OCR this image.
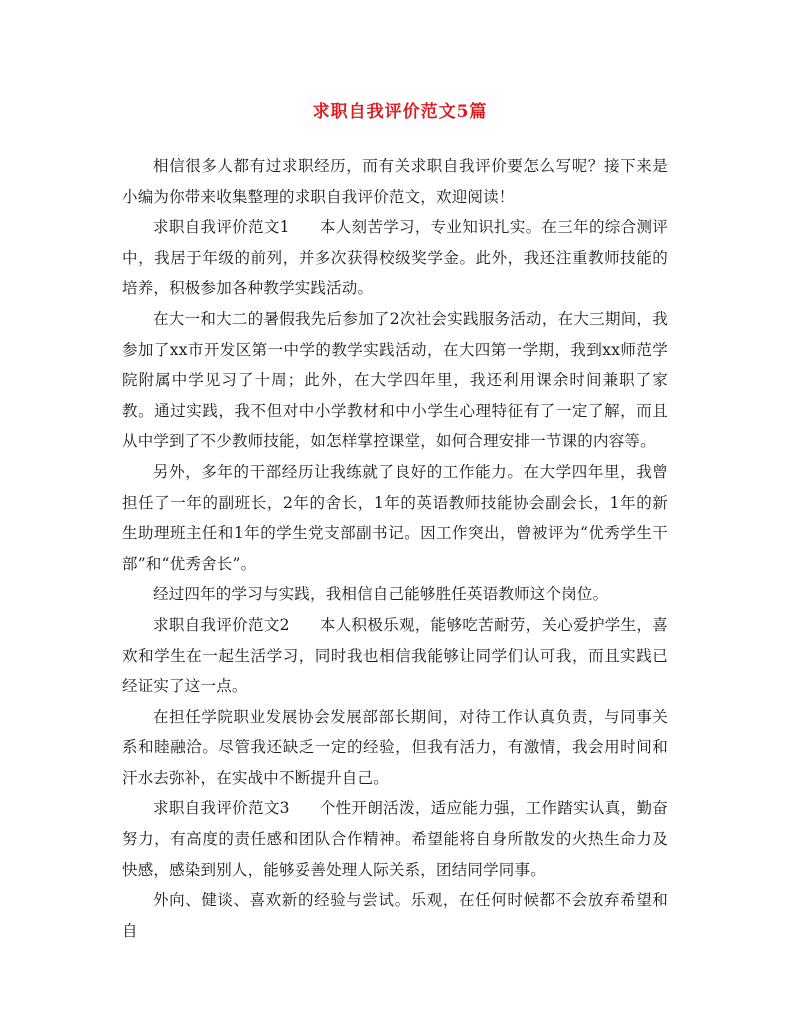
求职自我评价范文5篇

相信很多人都有过求职经历，而有关求职自我评价要怎么写呢？接下来是小编为你带来收集整理的求职自我评价范文，欢迎阅读！

求职自我评价范文1 本人刻苦学习，专业知识扎实。在三年的综合测评中，我居于年级的前列，并多次获得校级奖学金。此外，我还注重教师技能的培养，积极参加各种教学实践活动。

在大一和大二的暑假我先后参加了2次社会实践服务活动，在大三期间，我参加了xx市开发区第一中学的教学实践活动，在大四第一学期，我到xx师范学院附属中学见习了十周；此外，在大学四年里，我还利用课余时间兼职了家教。通过实践，我不但对中小学教材和中小学生心理特征有了一定了解，而且从中学到了不少教师技能，如怎样掌控课堂，如何合理安排一节课的内容等。

另外，多年的干部经历让我练就了良好的工作能力。在大学四年里，我曾担任了一年的副班长，2年的舍长，1年的英语教师技能协会副会长，1年的新生助理班主任和1年的学生党支部副书记。因工作突出，曾被评为“优秀学生干部”和“优秀舍长”。

经过四年的学习与实践，我相信自己能够胜任英语教师这个岗位。

求职自我评价范文2 本人积极乐观，能够吃苦耐劳，关心爱护学生，喜欢和学生在一起生活学习，同时我也相信我能够让同学们认可我，而且实践已经证实了这一点。

在担任学院职业发展协会发展部部长期间，对待工作认真负责，与同事关系和睦融洽。尽管我还缺乏一定的经验，但我有活力，有激情，我会用时间和汗水去弥补，在实战中不断提升自己。

求职自我评价范文3 个性开朗活泼，适应能力强，工作踏实认真，勤奋努力，有高度的责任感和团队合作精神。希望能将自身所散发的火热生命力及快感，感染到别人，能够妥善处理人际关系，团结同学同事。

外向、健谈、喜欢新的经验与尝试。乐观，在任何时候都不会放弃希望和自
